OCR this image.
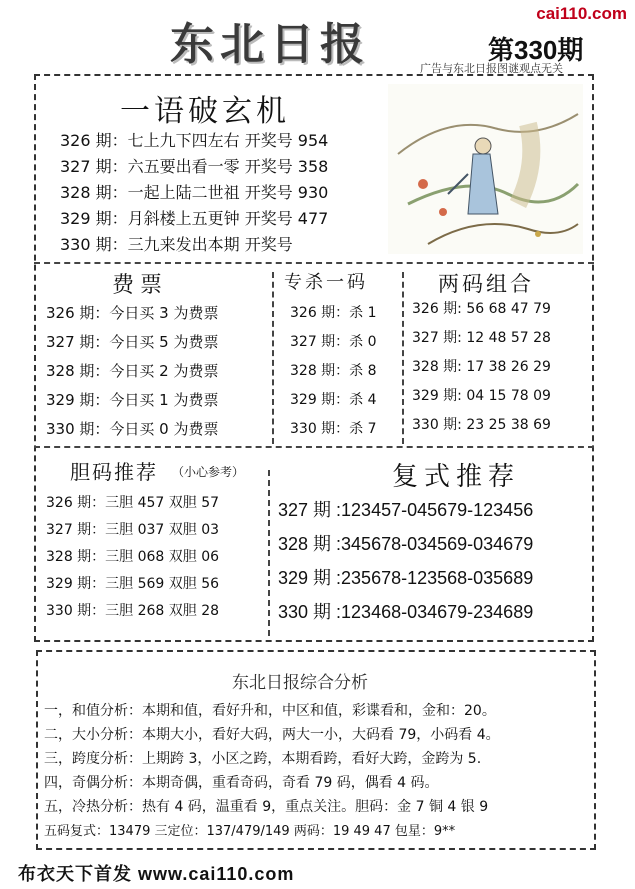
东北日报
cai110.com
第330期
广告与东北日报图谜观点无关
一语破玄机
326 期：七上九下四左右 开奖号 954
327 期：六五要出看一零 开奖号 358
328 期：一起上陆二世祖 开奖号 930
329 期：月斜楼上五更钟 开奖号 477
330 期：三九来发出本期 开奖号
费票
326 期：今日买 3 为费票
327 期：今日买 5 为费票
328 期：今日买 2 为费票
329 期：今日买 1 为费票
330 期：今日买 0 为费票
专杀一码
326 期：杀 1
327 期：杀 0
328 期：杀 8
329 期：杀 4
330 期：杀 7
两码组合
326 期: 56 68 47 79
327 期: 12 48 57 28
328 期: 17 38 26 29
329 期: 04 15 78 09
330 期: 23 25 38 69
胆码推荐 （小心参考）
326 期：三胆 457 双胆 57
327 期：三胆 037 双胆 03
328 期：三胆 068 双胆 06
329 期：三胆 569 双胆 56
330 期：三胆 268 双胆 28
复式推荐
327 期 :123457-045679-123456
328 期 :345678-034569-034679
329 期 :235678-123568-035689
330 期 :123468-034679-234689
东北日报综合分析
一，和值分析：本期和值，看好升和，中区和值，彩谍看和，金和：20。
二，大小分析：本期大小，看好大码，两大一小，大码看 79，小码看 4。
三，跨度分析：上期跨 3，小区之跨，本期看跨，看好大跨，金跨为 5.
四，奇偶分析：本期奇偶，重看奇码，奇看 79 码，偶看 4 码。
五，冷热分析：热有 4 码，温重看 9，重点关注。胆码：金 7 铜 4 银 9
五码复式：13479 三定位：137/479/149 两码：19 49 47 包星：9**
布衣天下首发 www.cai110.com
